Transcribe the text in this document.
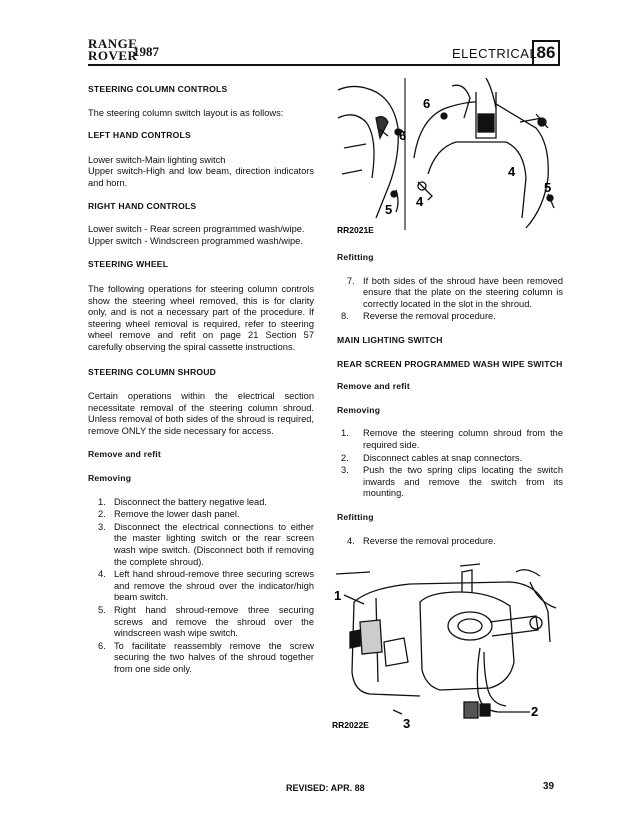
RANGE
ROVER
1987	ELECTRICAL 86

STEERING COLUMN CONTROLS

The steering column switch layout is as follows:

LEFT HAND CONTROLS

Lower switch-Main lighting switch

Upper switch-High and low beam, direction indicators and horn.

RIGHT HAND CONTROLS

Lower switch - Rear screen programmed wash/wipe.

Upper switch - Windscreen programmed wash/wipe.

STEERING WHEEL

The following operations for steering column controls show the steering wheel removed, this is for clarity only, and is not a necessary part of the procedure. If steering wheel removal is required, refer to steering wheel remove and refit on page 21 Section 57 carefully observing the spiral cassette instructions.

STEERING COLUMN SHROUD

Certain operations within the electrical section necessitate removal of the steering column shroud. Unless removal of both sides of the shroud is required, remove ONLY the side necessary for access.

Remove and refit

Removing

1. Disconnect the battery negative lead.
2. Remove the lower dash panel.
3. Disconnect the electrical connections to either the master lighting switch or the rear screen wash wipe switch. (Disconnect both if removing the complete shroud).
4. Left hand shroud-remove three securing screws and remove the shroud over the indicator/high beam switch.
5. Right hand shroud-remove three securing screws and remove the shroud over the windscreen wash wipe switch.
6. To facilitate reassembly remove the screw securing the two halves of the shroud together from one side only.
6
6
4
5
5
4
RR2021E

Refitting

7. If both sides of the shroud have been removed ensure that the plate on the steering column is correctly located in the slot in the shroud.
8. Reverse the removal procedure.

MAIN LIGHTING SWITCH

REAR SCREEN PROGRAMMED WASH WIPE SWITCH

Remove and refit

Removing

1. Remove the steering column shroud from the required side.
2. Disconnect cables at snap connectors.
3. Push the two spring clips locating the switch inwards and remove the switch from its mounting.

Refitting

4. Reverse the removal procedure.
1
2
3
RR2022E
REVISED: APR. 88	39
